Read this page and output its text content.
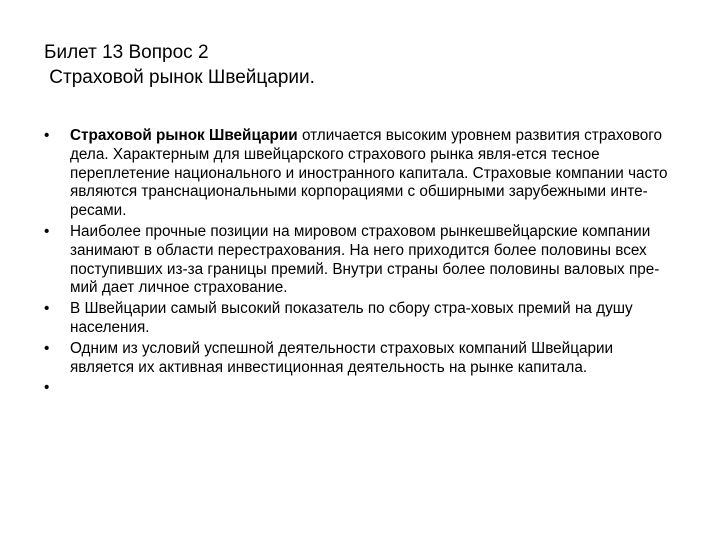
Билет 13 Вопрос 2
Страховой рынок Швейцарии.
• Страховой рынок Швейцарии отличается высоким уровнем развития страхового дела. Характерным для швейцарского страхового рынка явля-ется тесное переплетение национального и иностранного капитала. Страховые компании часто являются транснациональными корпорациями с обширными зарубежными инте-ресами.
• Наиболее прочные позиции на мировом страховом рынкешвейцарские компании занимают в области перестрахования. На него приходится более половины всех поступивших из-за границы премий. Внутри страны более половины валовых пре-мий дает личное страхование.
• В Швейцарии самый высокий показатель по сбору стра-ховых премий на душу населения.
• Одним из условий успешной деятельности страховых компаний Швейцарии является их активная инвестиционная деятельность на рынке капитала.
•
